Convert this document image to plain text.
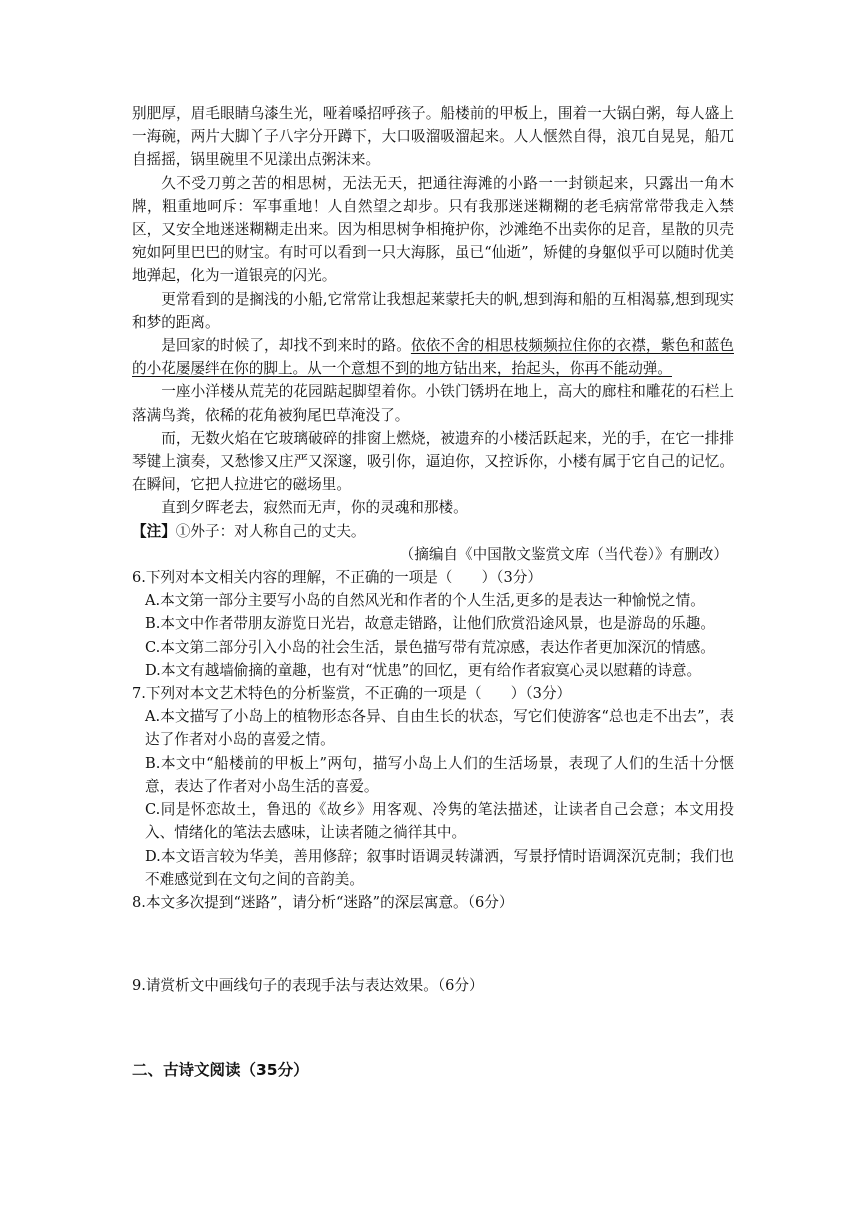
别肥厚，眉毛眼睛乌漆生光，哑着嗓招呼孩子。船楼前的甲板上，围着一大锅白粥，每人盛上一海碗，两片大脚丫子八字分开蹲下，大口吸溜吸溜起来。人人惬然自得，浪兀自晃晃，船兀自摇摇，锅里碗里不见漾出点粥沫来。

久不受刀剪之苦的相思树，无法无天，把通往海滩的小路一一封锁起来，只露出一角木牌，粗重地呵斥：军事重地！人自然望之却步。只有我那迷迷糊糊的老毛病常常带我走入禁区，又安全地迷迷糊糊走出来。因为相思树争相掩护你，沙滩绝不出卖你的足音，星散的贝壳宛如阿里巴巴的财宝。有时可以看到一只大海豚，虽已“仙逝”，矫健的身躯似乎可以随时优美地弹起，化为一道银亮的闪光。

更常看到的是搁浅的小船,它常常让我想起莱蒙托夫的帆,想到海和船的互相渴慕,想到现实和梦的距离。

是回家的时候了，却找不到来时的路。依依不舍的相思枝频频拉住你的衣襟，紫色和蓝色的小花屡屡绊在你的脚上。从一个意想不到的地方钻出来，抬起头，你再不能动弹。

一座小洋楼从荒芜的花园踮起脚望着你。小铁门锈坍在地上，高大的廊柱和雕花的石栏上落满鸟粪，依稀的花角被狗尾巴草淹没了。

而，无数火焰在它玻璃破碎的排窗上燃烧，被遗弃的小楼活跃起来，光的手，在它一排排琴键上演奏，又愁惨又庄严又深邃，吸引你，逼迫你，又控诉你，小楼有属于它自己的记忆。在瞬间，它把人拉进它的磁场里。

直到夕晖老去，寂然而无声，你的灵魂和那楼。

【注】①外子：对人称自己的丈夫。

（摘编自《中国散文鉴赏文库（当代卷）》有删改）

6.下列对本文相关内容的理解，不正确的一项是（　　）（3分）

A.本文第一部分主要写小岛的自然风光和作者的个人生活,更多的是表达一种愉悦之情。

B.本文中作者带朋友游览日光岩，故意走错路，让他们欣赏沿途风景，也是游岛的乐趣。

C.本文第二部分引入小岛的社会生活，景色描写带有荒凉感，表达作者更加深沉的情感。

D.本文有越墙偷摘的童趣，也有对“忧患”的回忆，更有给作者寂寞心灵以慰藉的诗意。

7.下列对本文艺术特色的分析鉴赏，不正确的一项是（　　）（3分）

A.本文描写了小岛上的植物形态各异、自由生长的状态，写它们使游客“总也走不出去”，表达了作者对小岛的喜爱之情。

B.本文中“船楼前的甲板上”两句，描写小岛上人们的生活场景，表现了人们的生活十分惬意，表达了作者对小岛生活的喜爱。

C.同是怀恋故土，鲁迅的《故乡》用客观、冷隽的笔法描述，让读者自己会意；本文用投入、情绪化的笔法去感味，让读者随之徜徉其中。

D.本文语言较为华美，善用修辞；叙事时语调灵转潇洒，写景抒情时语调深沉克制；我们也不难感觉到在文句之间的音韵美。

8.本文多次提到“迷路”，请分析“迷路”的深层寓意。（6分）

9.请赏析文中画线句子的表现手法与表达效果。（6分）

二、古诗文阅读（35分）
